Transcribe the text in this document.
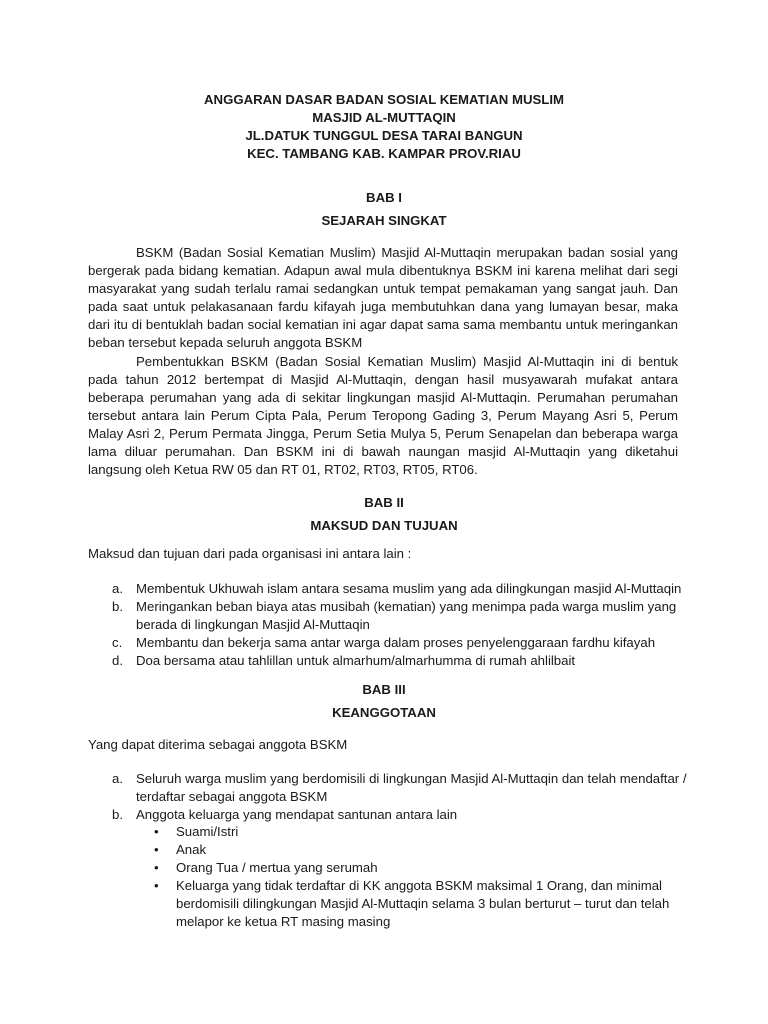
ANGGARAN DASAR BADAN SOSIAL KEMATIAN MUSLIM
MASJID AL-MUTTAQIN
JL.DATUK TUNGGUL DESA TARAI BANGUN
KEC. TAMBANG KAB. KAMPAR PROV.RIAU
BAB I
SEJARAH SINGKAT
BSKM (Badan Sosial Kematian Muslim) Masjid Al-Muttaqin merupakan badan sosial yang bergerak pada bidang kematian. Adapun awal mula dibentuknya BSKM ini karena melihat dari segi masyarakat yang sudah terlalu ramai sedangkan untuk tempat pemakaman yang sangat jauh. Dan pada saat untuk pelakasanaan fardu kifayah juga membutuhkan dana yang lumayan besar, maka dari itu di bentuklah badan social kematian ini agar dapat sama sama membantu untuk meringankan beban tersebut kepada seluruh anggota BSKM
Pembentukkan BSKM (Badan Sosial Kematian Muslim) Masjid Al-Muttaqin ini di bentuk pada tahun 2012 bertempat di Masjid Al-Muttaqin, dengan hasil musyawarah mufakat antara beberapa perumahan yang ada di sekitar lingkungan masjid Al-Muttaqin. Perumahan perumahan tersebut antara lain Perum Cipta Pala, Perum Teropong Gading 3, Perum Mayang Asri 5, Perum Malay Asri 2, Perum Permata Jingga, Perum Setia Mulya 5, Perum Senapelan dan beberapa warga lama diluar perumahan. Dan BSKM ini di bawah naungan masjid Al-Muttaqin yang diketahui langsung oleh Ketua RW 05 dan RT 01, RT02, RT03, RT05, RT06.
BAB II
MAKSUD DAN TUJUAN
Maksud dan tujuan dari pada organisasi ini antara lain :
a. Membentuk Ukhuwah islam antara sesama muslim yang ada dilingkungan masjid Al-Muttaqin
b. Meringankan beban biaya atas musibah (kematian) yang menimpa pada warga muslim yang berada di lingkungan Masjid Al-Muttaqin
c. Membantu dan bekerja sama antar warga dalam proses penyelenggaraan fardhu kifayah
d. Doa bersama atau tahlillan untuk almarhum/almarhumma di rumah ahlilbait
BAB III
KEANGGOTAAN
Yang dapat diterima sebagai anggota BSKM
a. Seluruh warga muslim yang berdomisili di lingkungan Masjid Al-Muttaqin dan telah mendaftar / terdaftar sebagai anggota BSKM
b. Anggota keluarga yang mendapat santunan antara lain
• Suami/Istri
• Anak
• Orang Tua / mertua yang serumah
• Keluarga yang tidak terdaftar di KK anggota BSKM maksimal 1 Orang, dan minimal berdomisili dilingkungan Masjid Al-Muttaqin selama 3 bulan berturut – turut dan telah melapor ke ketua RT masing masing
